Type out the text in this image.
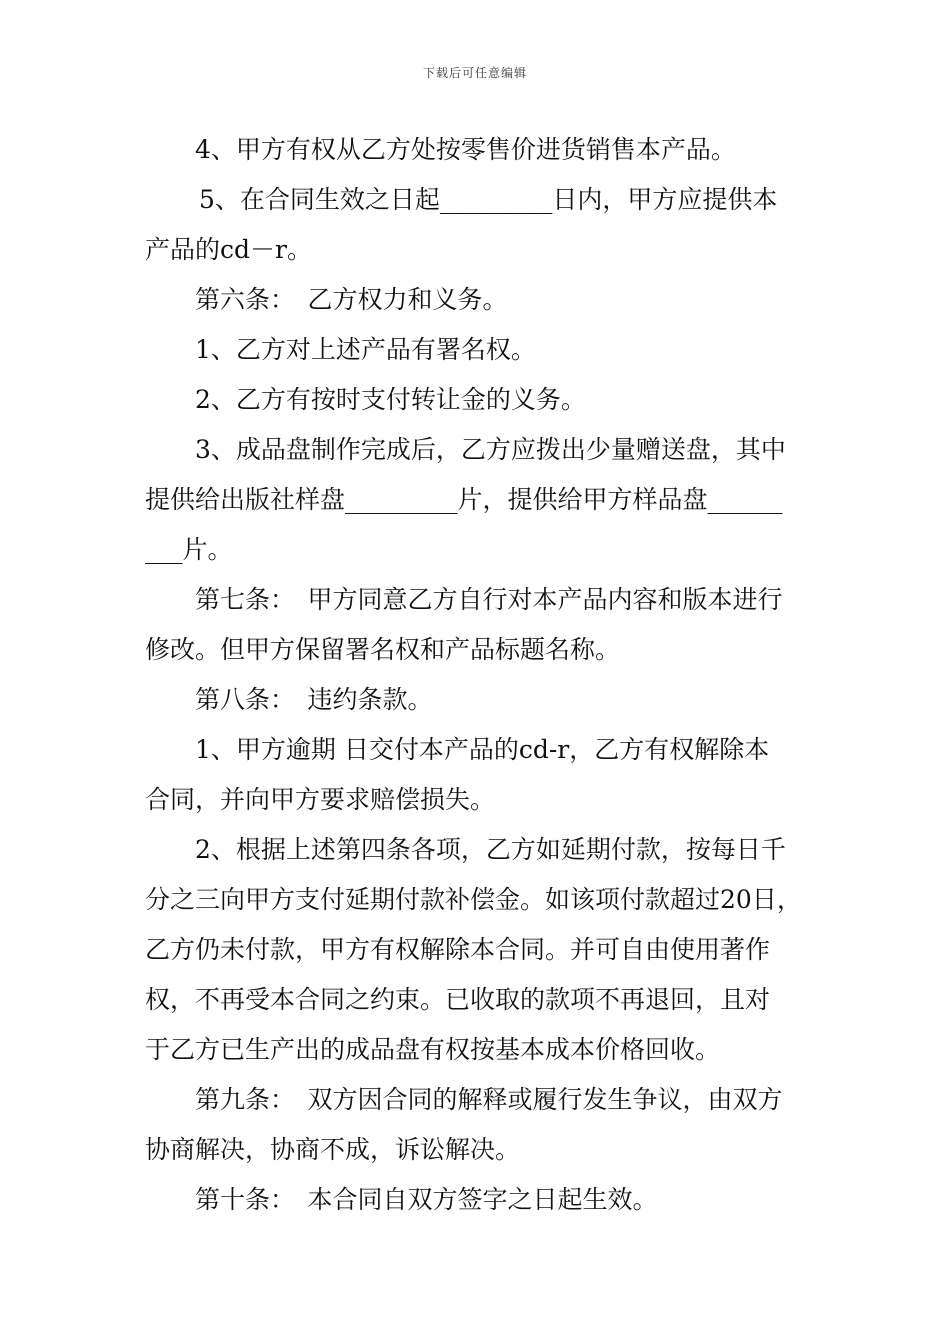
下载后可任意编辑
4、甲方有权从乙方处按零售价进货销售本产品。
5、在合同生效之日起_________日内，甲方应提供本
产品的cd－r。
第六条：　乙方权力和义务。
1、乙方对上述产品有署名权。
2、乙方有按时支付转让金的义务。
3、成品盘制作完成后，乙方应拨出少量赠送盘，其中
提供给出版社样盘_________片，提供给甲方样品盘______
___片。
第七条：　甲方同意乙方自行对本产品内容和版本进行
修改。但甲方保留署名权和产品标题名称。
第八条：　违约条款。
1、甲方逾期 日交付本产品的cd-r，乙方有权解除本
合同，并向甲方要求赔偿损失。
2、根据上述第四条各项，乙方如延期付款，按每日千
分之三向甲方支付延期付款补偿金。如该项付款超过20日，
乙方仍未付款，甲方有权解除本合同。并可自由使用著作
权，不再受本合同之约束。已收取的款项不再退回，且对
于乙方已生产出的成品盘有权按基本成本价格回收。
第九条：　双方因合同的解释或履行发生争议，由双方
协商解决，协商不成，诉讼解决。
第十条：　本合同自双方签字之日起生效。
